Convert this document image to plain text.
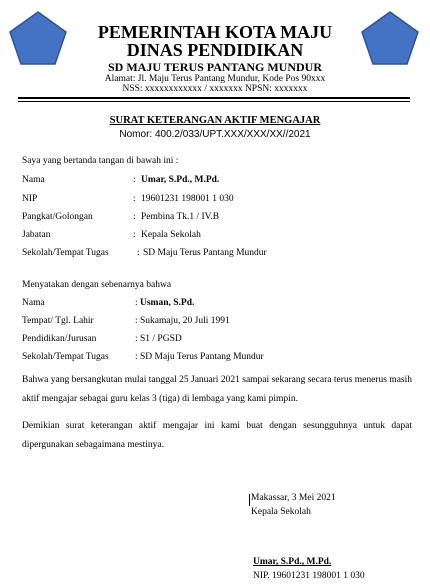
PEMERINTAH KOTA MAJU
DINAS PENDIDIKAN
SD MAJU TERUS PANTANG MUNDUR
Alamat: Jl. Maju Terus Pantang Mundur, Kode Pos 90xxx
NSS: xxxxxxxxxxxx / xxxxxxx NPSN: xxxxxxx
SURAT KETERANGAN AKTIF MENGAJAR
Nomor: 400.2/033/UPT.XXX/XXX/XX//2021
Saya yang bertanda tangan di bawah ini :
Nama	: Umar, S.Pd., M.Pd.
NIP	: 19601231 198001 1 030
Pangkat/Golongan	: Pembina Tk.1 / IV.B
Jabatan	: Kepala Sekolah
Sekolah/Tempat Tugas	: SD Maju Terus Pantang Mundur
Menyatakan dengan sebenarnya bahwa
Nama	: Usman, S.Pd.
Tempat/ Tgl. Lahir	: Sukamaju, 20 Juli 1991
Pendidikan/Jurusan	: S1 / PGSD
Sekolah/Tempat Tugas	: SD Maju Terus Pantang Mundur
Bahwa yang bersangkutan mulai tanggal 25 Januari 2021 sampai sekarang secara terus menerus masih aktif mengajar sebagai guru kelas 3 (tiga) di lembaga yang kami pimpin.
Demikian surat keterangan aktif mengajar ini kami buat dengan sesungguhnya untuk dapat dipergunakan sebagaimana mestinya.
Makassar, 3 Mei 2021
Kepala Sekolah
Umar, S.Pd., M.Pd.
NIP. 19601231 198001 1 030
